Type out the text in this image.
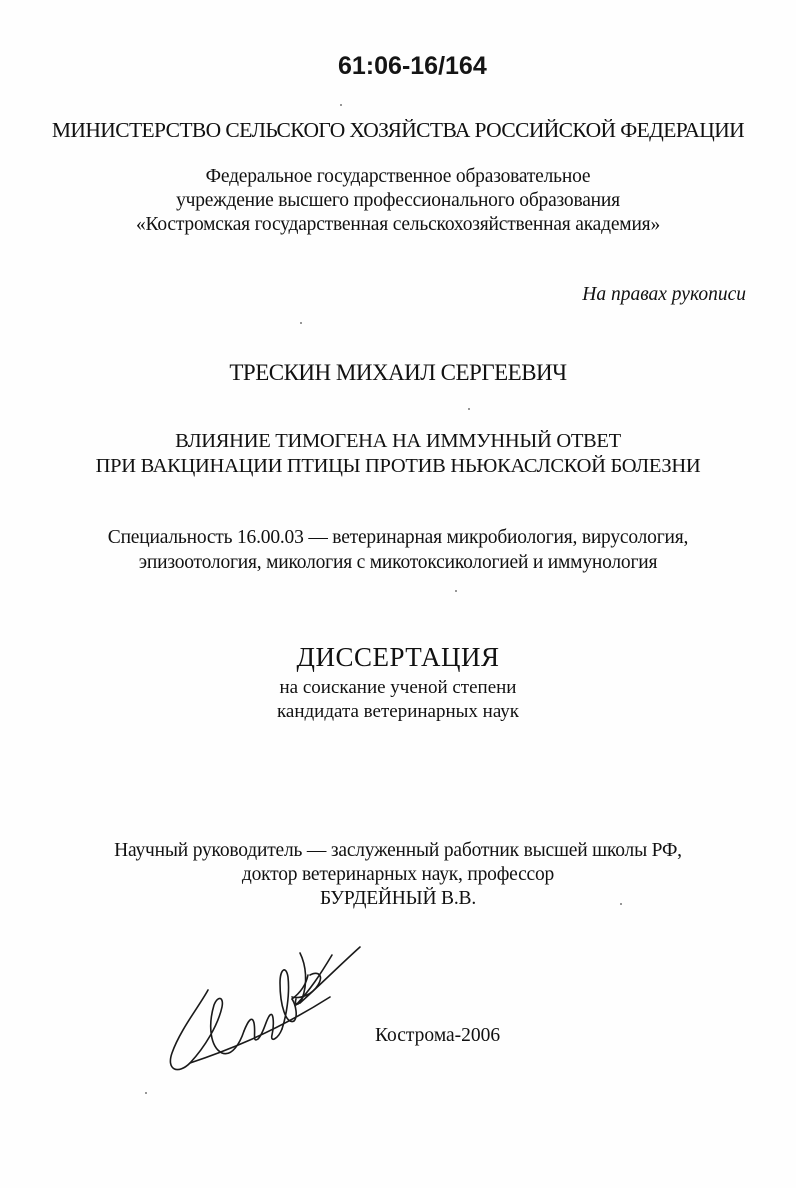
61:06-16/164
МИНИСТЕРСТВО СЕЛЬСКОГО ХОЗЯЙСТВА РОССИЙСКОЙ ФЕДЕРАЦИИ
Федеральное государственное образовательное
учреждение высшего профессионального образования
«Костромская государственная сельскохозяйственная академия»
На правах рукописи
ТРЕСКИН МИХАИЛ СЕРГЕЕВИЧ
ВЛИЯНИЕ ТИМОГЕНА НА ИММУННЫЙ ОТВЕТ
ПРИ ВАКЦИНАЦИИ ПТИЦЫ ПРОТИВ НЬЮКАСЛСКОЙ БОЛЕЗНИ
Специальность 16.00.03 — ветеринарная микробиология, вирусология,
эпизоотология, микология с микотоксикологией и иммунология
ДИССЕРТАЦИЯ
на соискание ученой степени
кандидата ветеринарных наук
Научный руководитель — заслуженный работник высшей школы РФ,
доктор ветеринарных наук, профессор
БУРДЕЙНЫЙ В.В.
Кострома-2006
